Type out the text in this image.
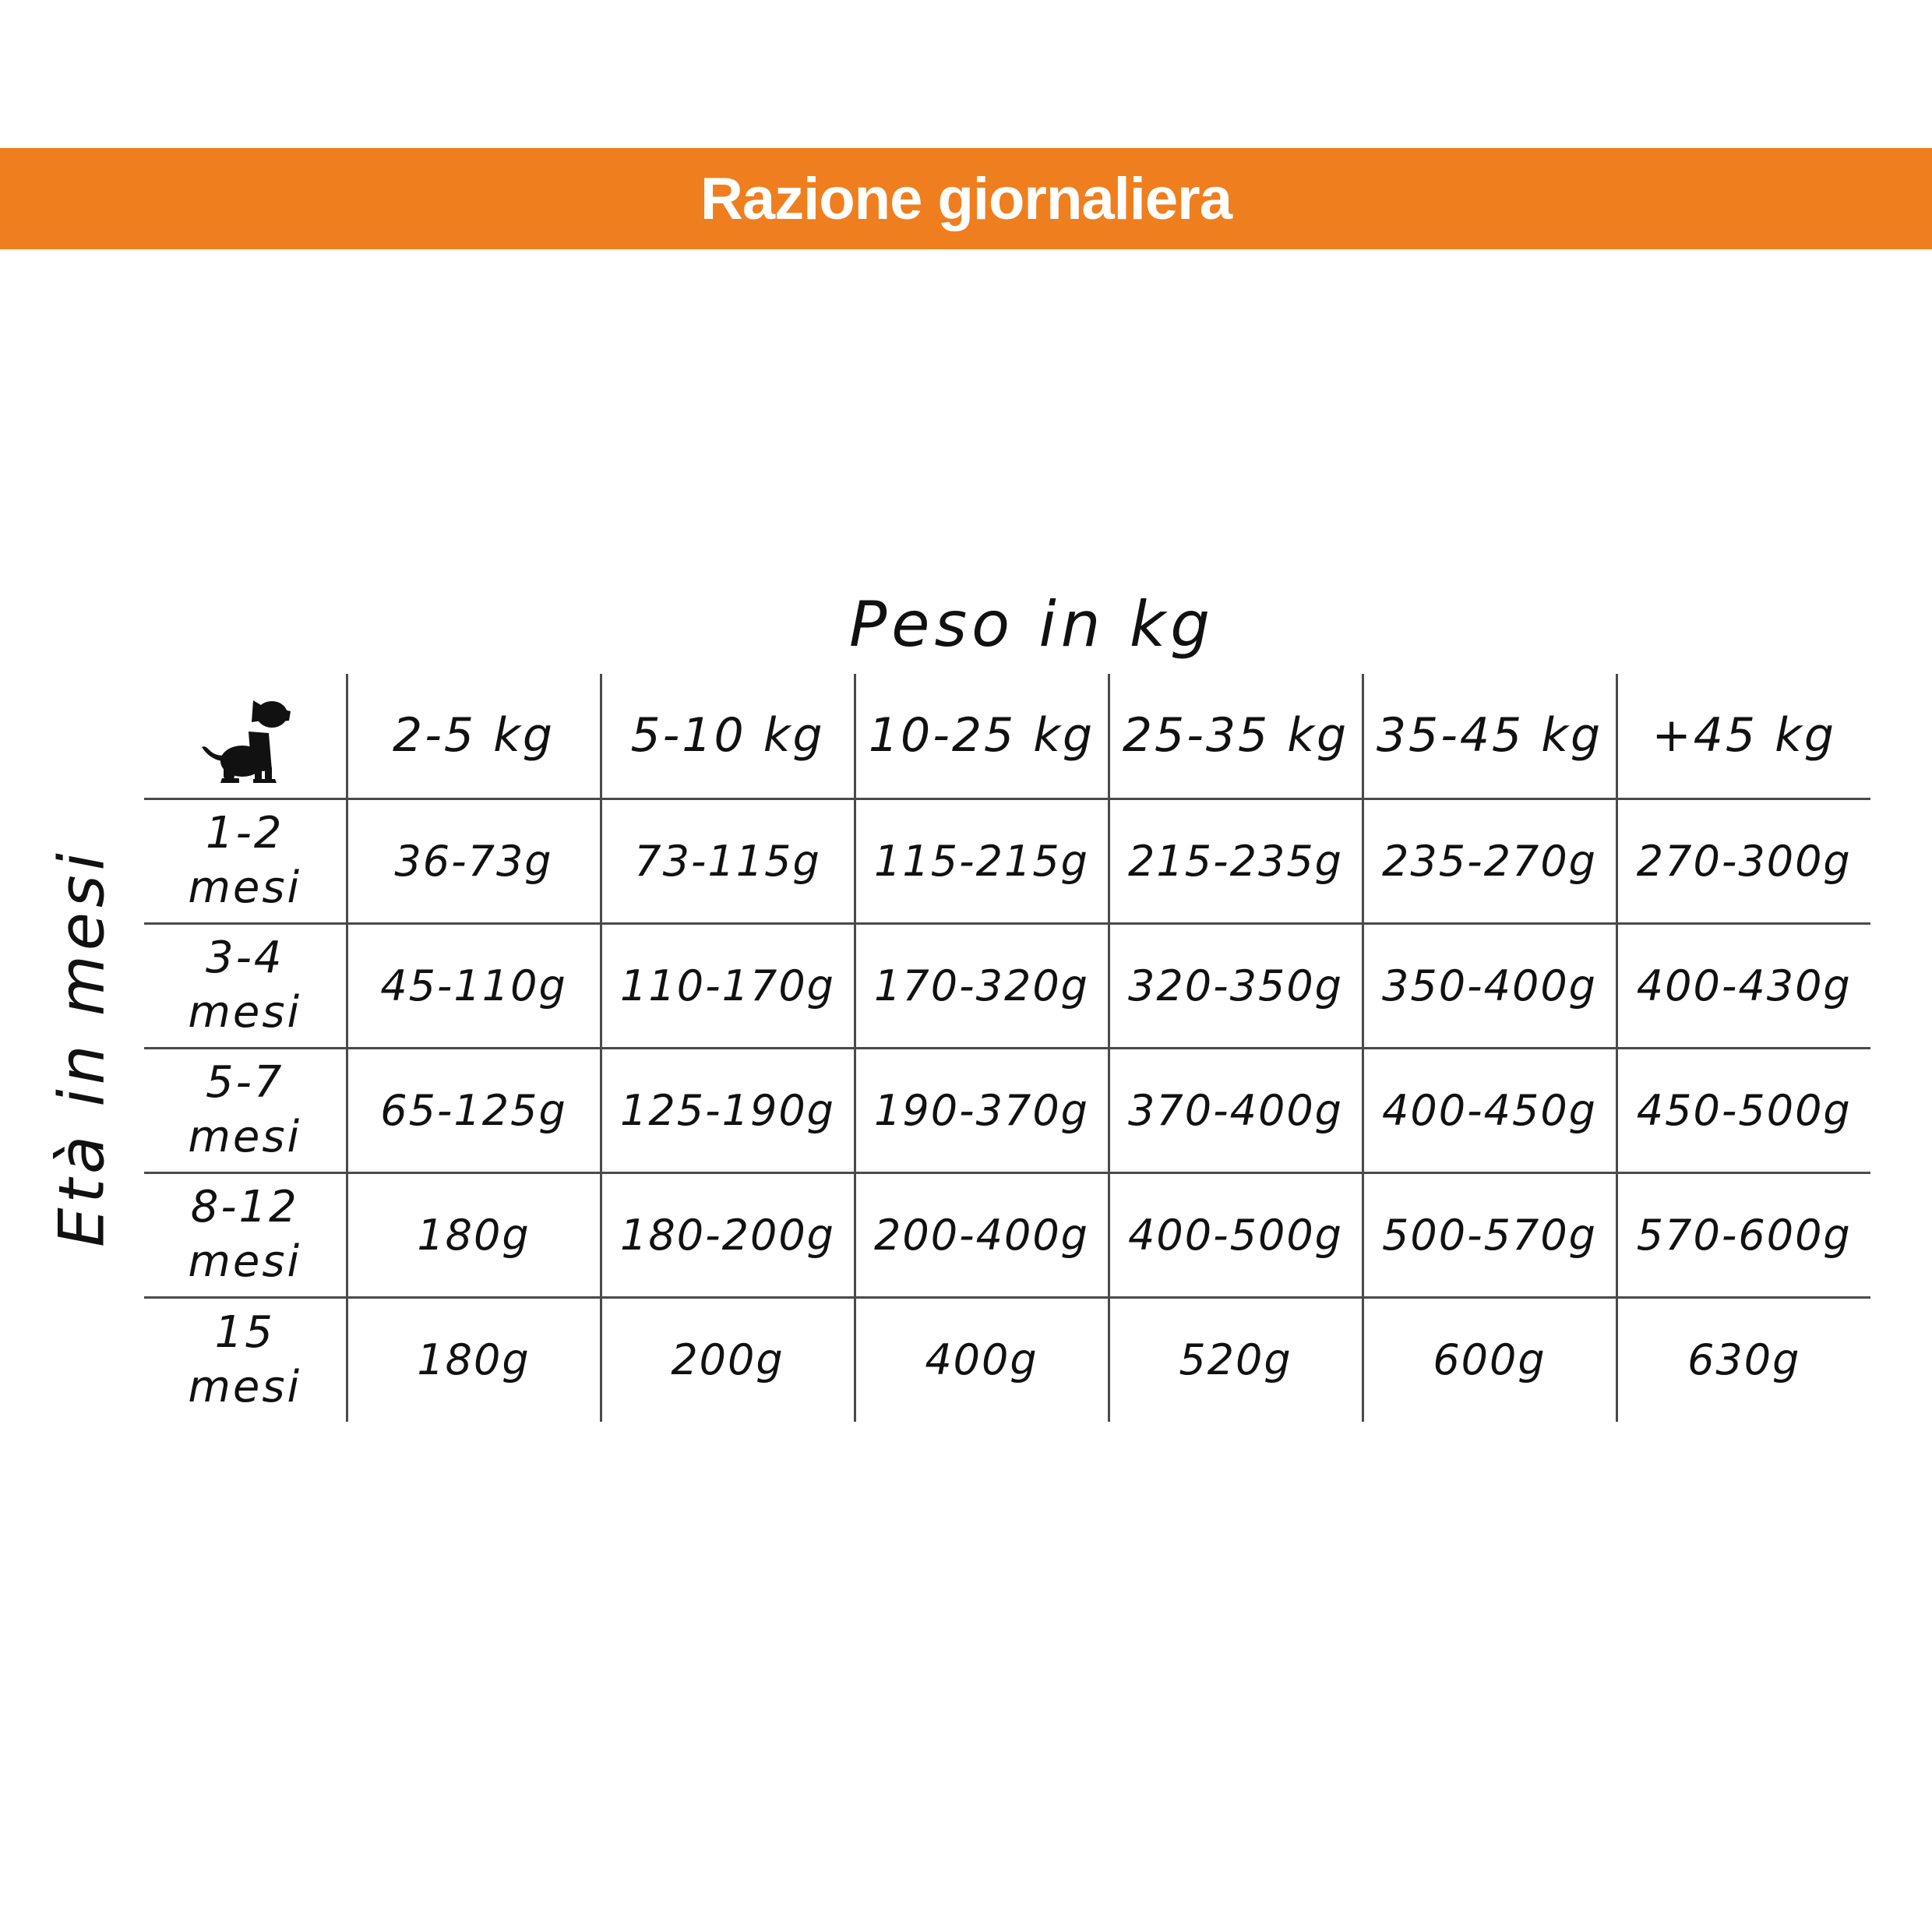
Razione giornaliera
Peso in kg
Età in mesi
	2-5 kg	5-10 kg	10-25 kg	25-35 kg	35-45 kg	+45 kg

1-2
mesi	36-73g	73-115g	115-215g	215-235g	235-270g	270-300g

3-4
mesi	45-110g	110-170g	170-320g	320-350g	350-400g	400-430g

5-7
mesi	65-125g	125-190g	190-370g	370-400g	400-450g	450-500g

8-12
mesi	180g	180-200g	200-400g	400-500g	500-570g	570-600g

15
mesi	180g	200g	400g	520g	600g	630g
